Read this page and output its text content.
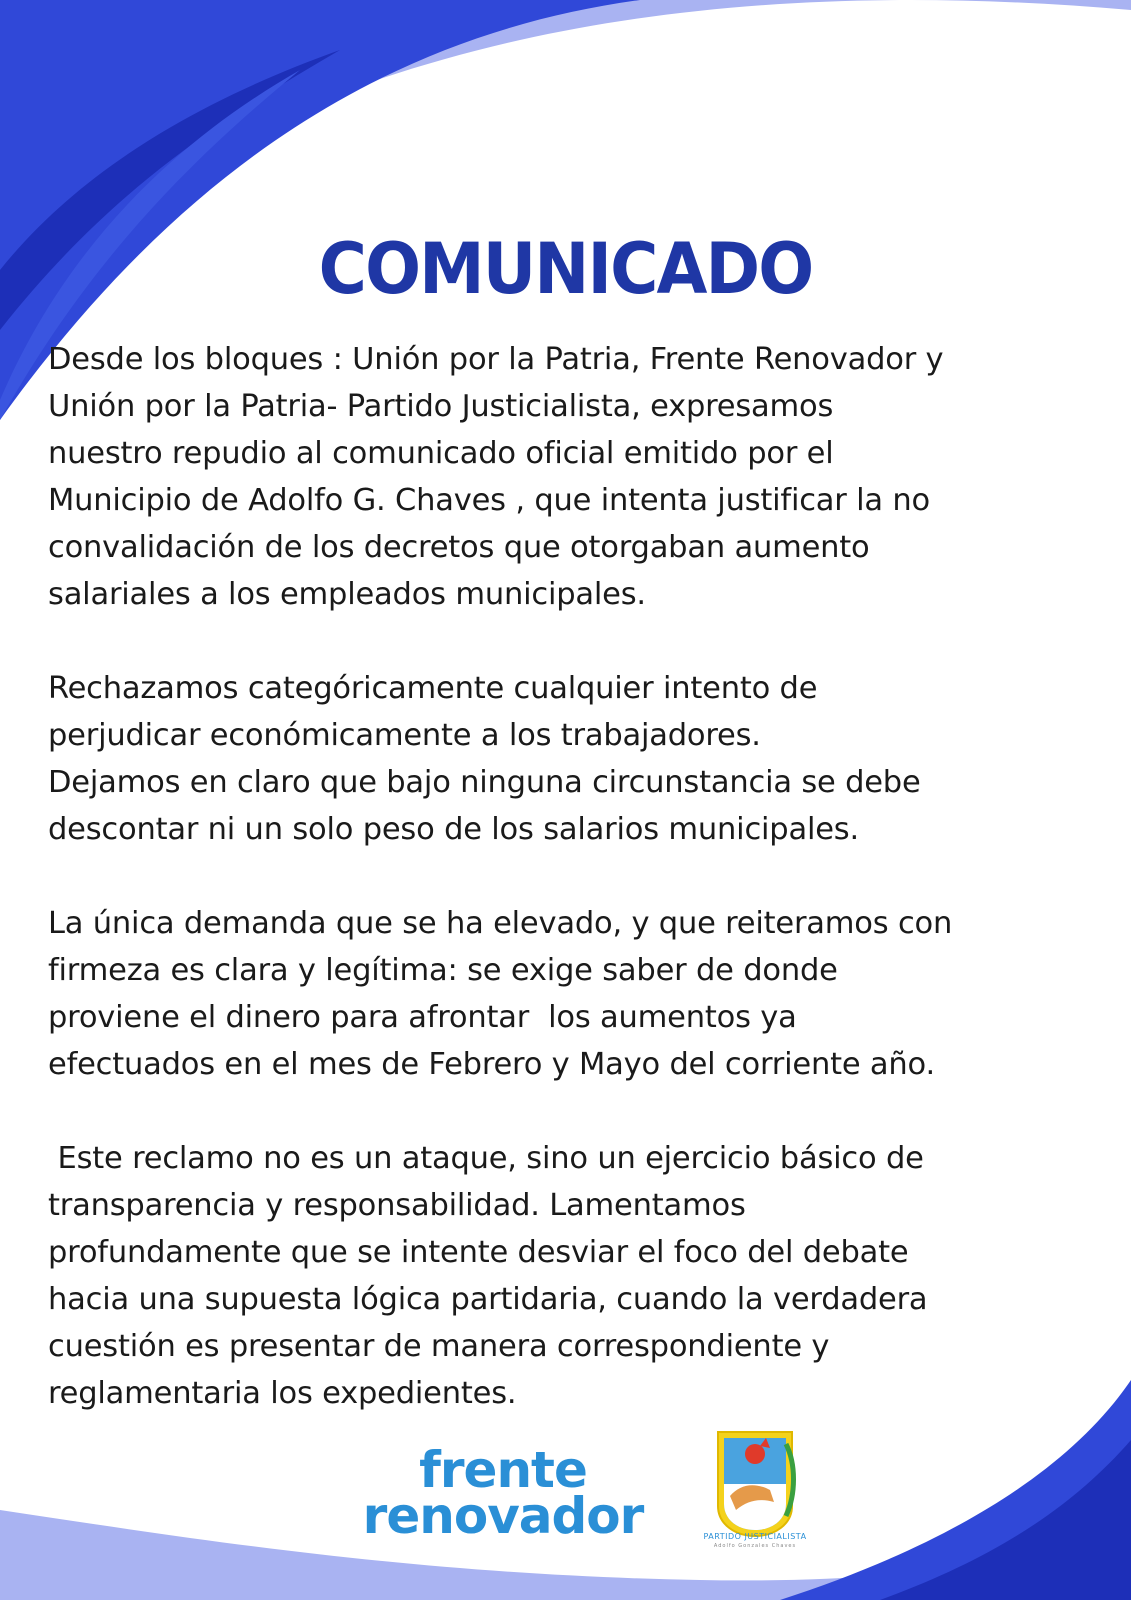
COMUNICADO

Desde los bloques : Unión por la Patria, Frente Renovador y
Unión por la Patria- Partido Justicialista, expresamos
nuestro repudio al comunicado oficial emitido por el
Municipio de Adolfo G. Chaves , que intenta justificar la no
convalidación de los decretos que otorgaban aumento
salariales a los empleados municipales.

Rechazamos categóricamente cualquier intento de
perjudicar económicamente a los trabajadores.
Dejamos en claro que bajo ninguna circunstancia se debe
descontar ni un solo peso de los salarios municipales.

La única demanda que se ha elevado, y que reiteramos con
firmeza es clara y legítima: se exige saber de donde
proviene el dinero para afrontar  los aumentos ya
efectuados en el mes de Febrero y Mayo del corriente año.

Este reclamo no es un ataque, sino un ejercicio básico de
transparencia y responsabilidad. Lamentamos
profundamente que se intente desviar el foco del debate
hacia una supuesta lógica partidaria, cuando la verdadera
cuestión es presentar de manera correspondiente y
reglamentaria los expedientes.

frente
renovador	PARTIDO JUSTICIALISTA
Adolfo Gonzales Chaves
